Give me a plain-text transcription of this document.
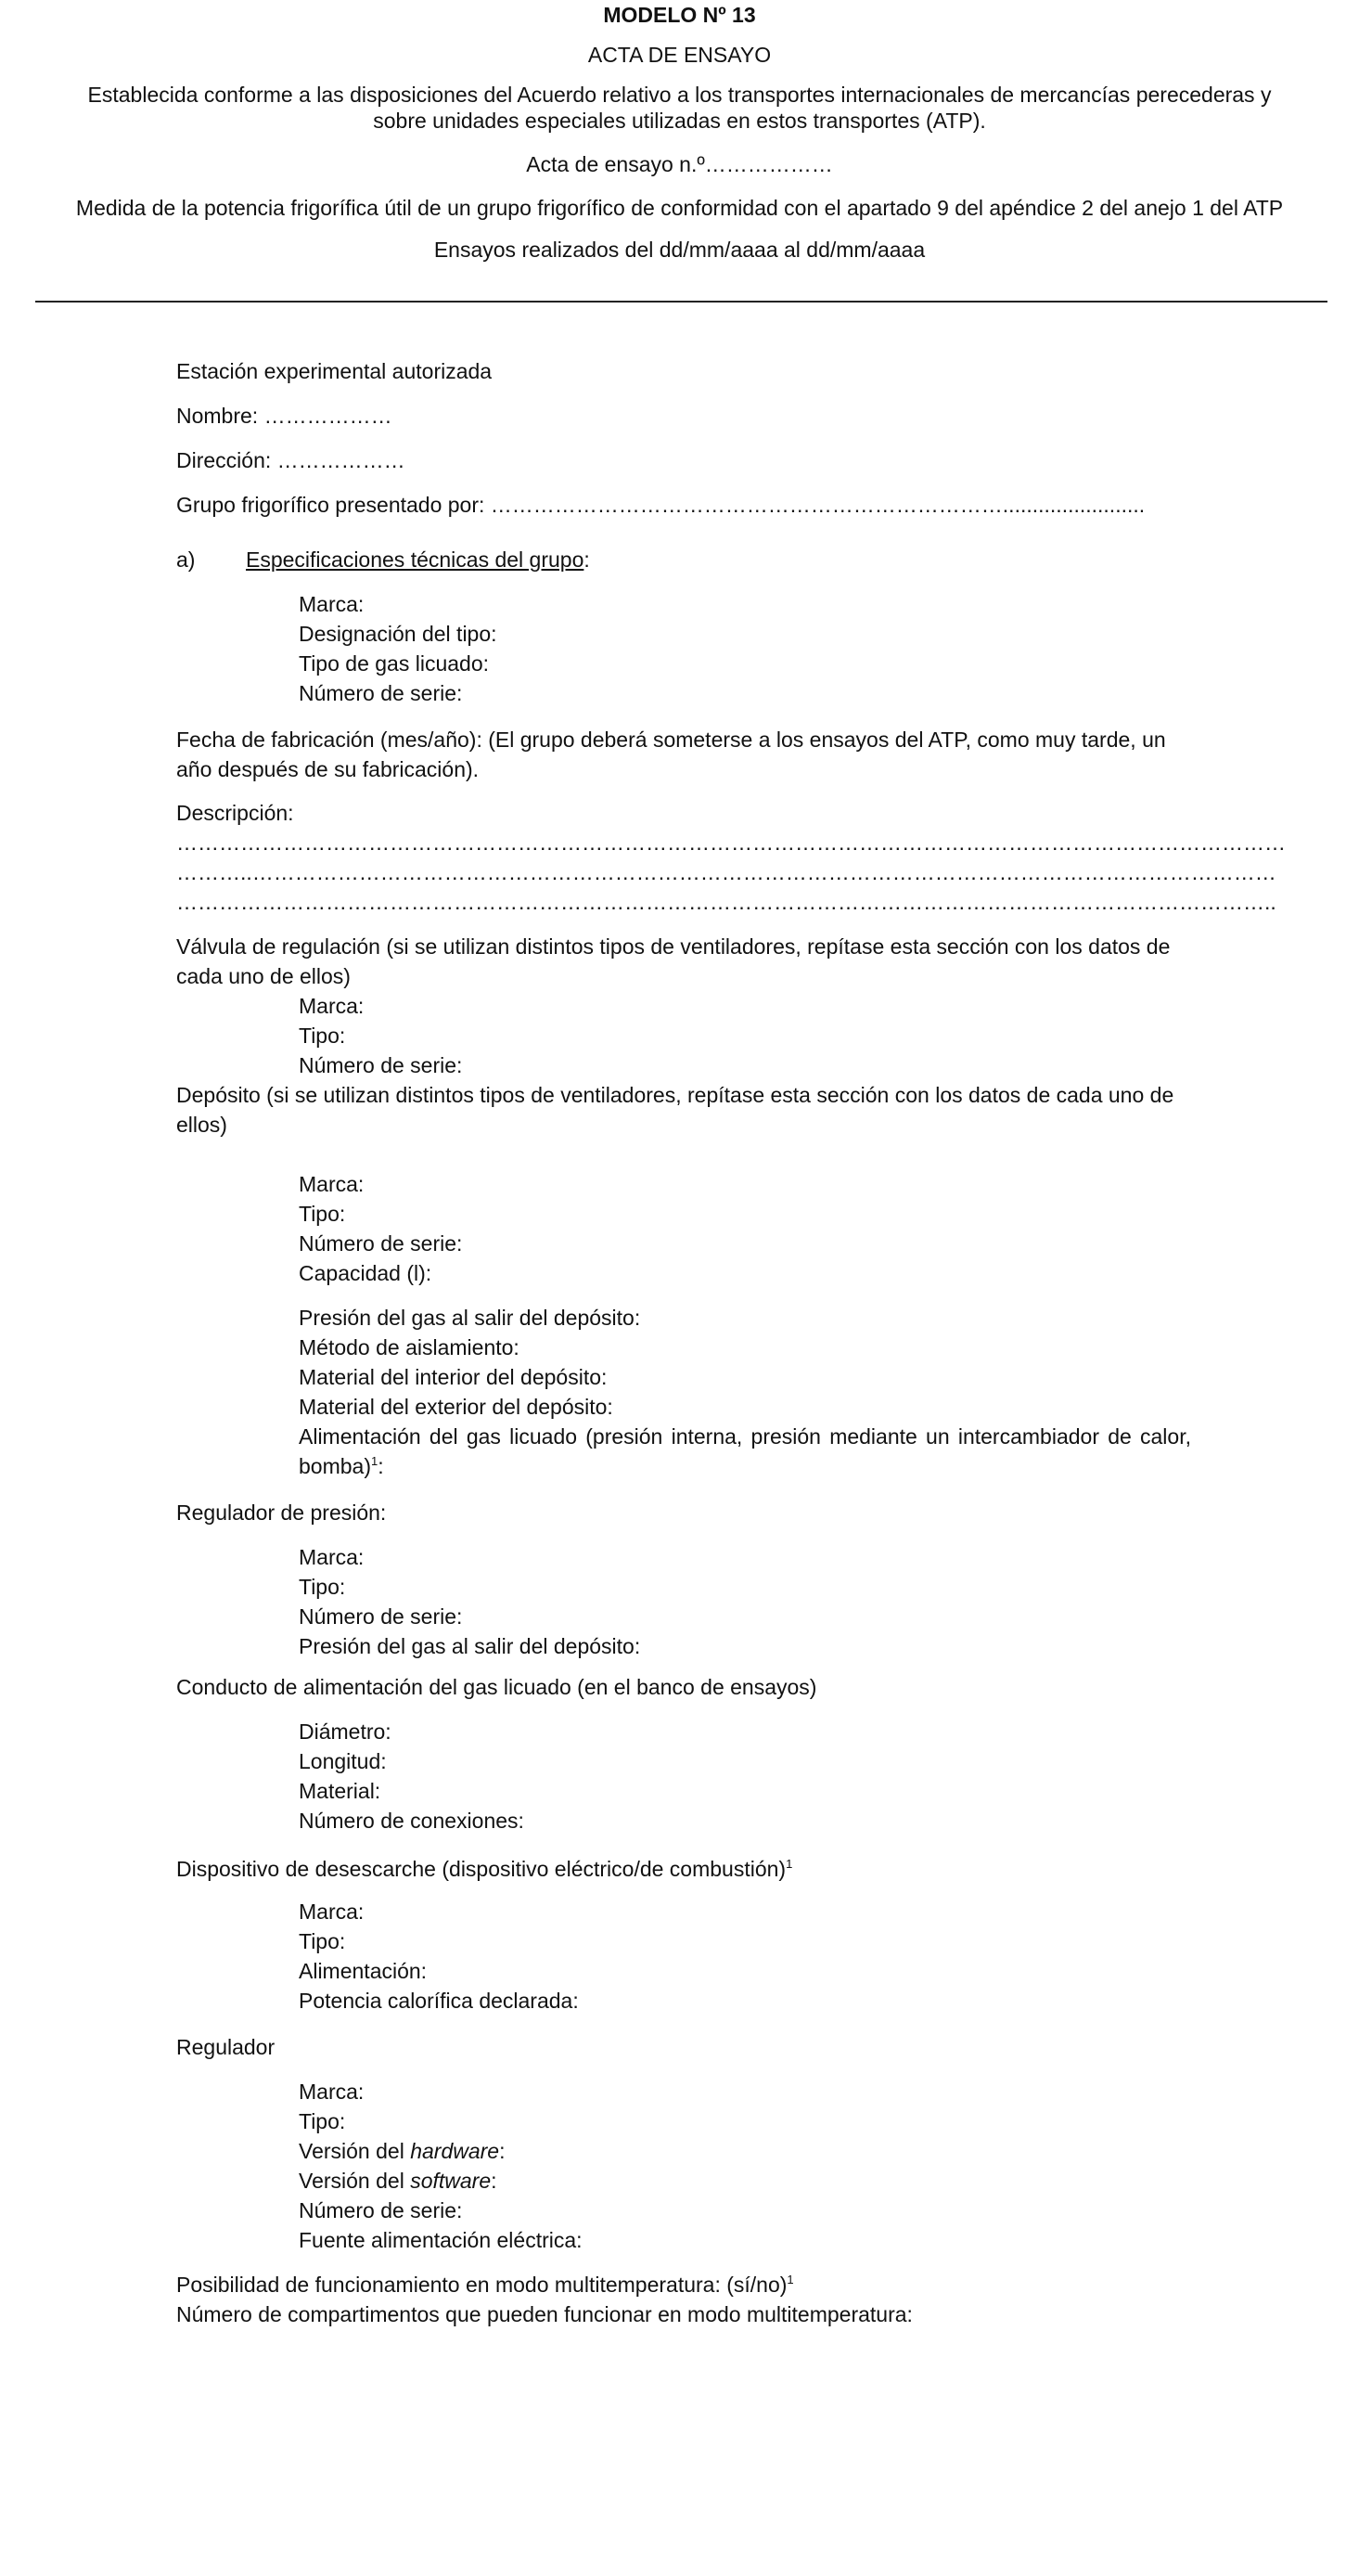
MODELO Nº 13
ACTA DE ENSAYO
Establecida conforme a las disposiciones del Acuerdo relativo a los transportes internacionales de mercancías perecederas y
sobre unidades especiales utilizadas en estos transportes (ATP).
Acta de ensayo n.º………………
Medida de la potencia frigorífica útil de un grupo frigorífico de conformidad con el apartado 9 del apéndice 2 del anejo 1 del ATP
Ensayos realizados del dd/mm/aaaa al dd/mm/aaaa
Estación experimental autorizada
Nombre: ………………
Dirección: ………………
Grupo frigorífico presentado por: ………………………………………………………………........................
a) Especificaciones técnicas del grupo:
Marca:
Designación del tipo:
Tipo de gas licuado:
Número de serie:
Fecha de fabricación (mes/año): (El grupo deberá someterse a los ensayos del ATP, como muy tarde, un año después de su fabricación).
Descripción:
…………………………………………………………………………………………………………………………………………
………..………………………………………………………………………………………………………………………………
………………………………………………………………………………………………………………………………………..
Válvula de regulación (si se utilizan distintos tipos de ventiladores, repítase esta sección con los datos de cada uno de ellos)
Marca:
Tipo:
Número de serie:
Depósito (si se utilizan distintos tipos de ventiladores, repítase esta sección con los datos de cada uno de ellos)
Marca:
Tipo:
Número de serie:
Capacidad (l):
Presión del gas al salir del depósito:
Método de aislamiento:
Material del interior del depósito:
Material del exterior del depósito:
Alimentación del gas licuado (presión interna, presión mediante un intercambiador de calor, bomba)$^1$:
Regulador de presión:
Marca:
Tipo:
Número de serie:
Presión del gas al salir del depósito:
Conducto de alimentación del gas licuado (en el banco de ensayos)
Diámetro:
Longitud:
Material:
Número de conexiones:
Dispositivo de desescarche (dispositivo eléctrico/de combustión)$^1$
Marca:
Tipo:
Alimentación:
Potencia calorífica declarada:
Regulador
Marca:
Tipo:
Versión del hardware:
Versión del software:
Número de serie:
Fuente alimentación eléctrica:
Posibilidad de funcionamiento en modo multitemperatura: (sí/no)$^1$
Número de compartimentos que pueden funcionar en modo multitemperatura:
